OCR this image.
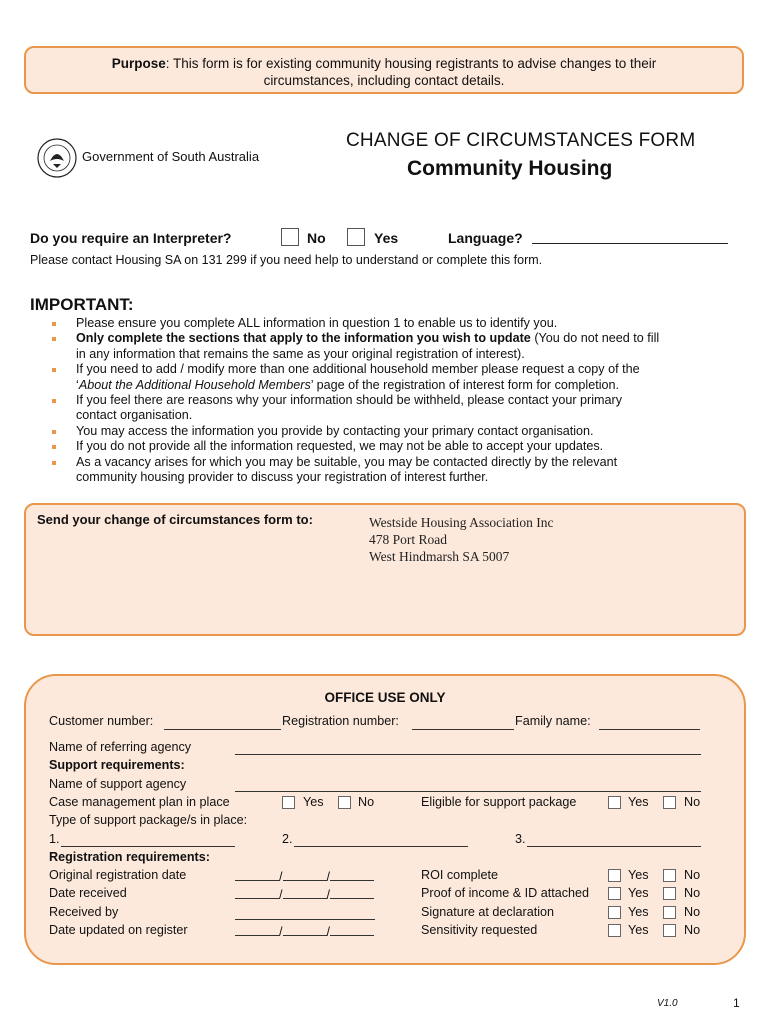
Purpose: This form is for existing community housing registrants to advise changes to their
circumstances, including contact details.
Government of South Australia
CHANGE OF CIRCUMSTANCES FORM
Community Housing
Do you require an Interpreter?	No	Yes	Language?
Please contact Housing SA on 131 299 if you need help to understand or complete this form.
IMPORTANT:
Please ensure you complete ALL information in question 1 to enable us to identify you.
Only complete the sections that apply to the information you wish to update (You do not need to fill
in any information that remains the same as your original registration of interest).
If you need to add / modify more than one additional household member please request a copy of the
‘About the Additional Household Members’ page of the registration of interest form for completion.
If you feel there are reasons why your information should be withheld, please contact your primary
contact organisation.
You may access the information you provide by contacting your primary contact organisation.
If you do not provide all the information requested, we may not be able to accept your updates.
As a vacancy arises for which you may be suitable, you may be contacted directly by the relevant
community housing provider to discuss your registration of interest further.
Send your change of circumstances form to:	Westside Housing Association Inc
478 Port Road
West Hindmarsh SA 5007
OFFICE USE ONLY
Customer number:	Registration number:	Family name:
Name of referring agency
Support requirements:
Name of support agency
Case management plan in place	Yes	No	Eligible for support package	Yes	No
Type of support package/s in place:
1.	2.	3.
Registration requirements:
Original registration date	/	/	ROI complete	Yes	No
Date received	/	/	Proof of income & ID attached	Yes	No
Received by	Signature at declaration	Yes	No
Date updated on register	/	/	Sensitivity requested	Yes	No
V1.0	1
